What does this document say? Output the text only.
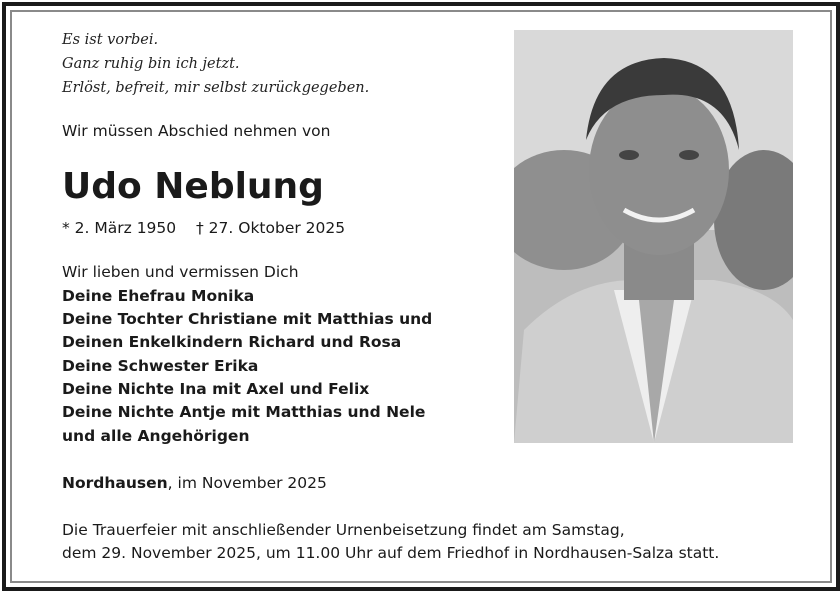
Es ist vorbei.
Ganz ruhig bin ich jetzt.
Erlöst, befreit, mir selbst zurückgegeben.
Wir müssen Abschied nehmen von
Udo Neblung
* 2. März 1950 † 27. Oktober 2025
Wir lieben und vermissen Dich
Deine Ehefrau Monika
Deine Tochter Christiane mit Matthias und
Deinen Enkelkindern Richard und Rosa
Deine Schwester Erika
Deine Nichte Ina mit Axel und Felix
Deine Nichte Antje mit Matthias und Nele
und alle Angehörigen
Nordhausen, im November 2025
Die Trauerfeier mit anschließender Urnenbeisetzung findet am Samstag,
dem 29. November 2025, um 11.00 Uhr auf dem Friedhof in Nordhausen-Salza statt.
